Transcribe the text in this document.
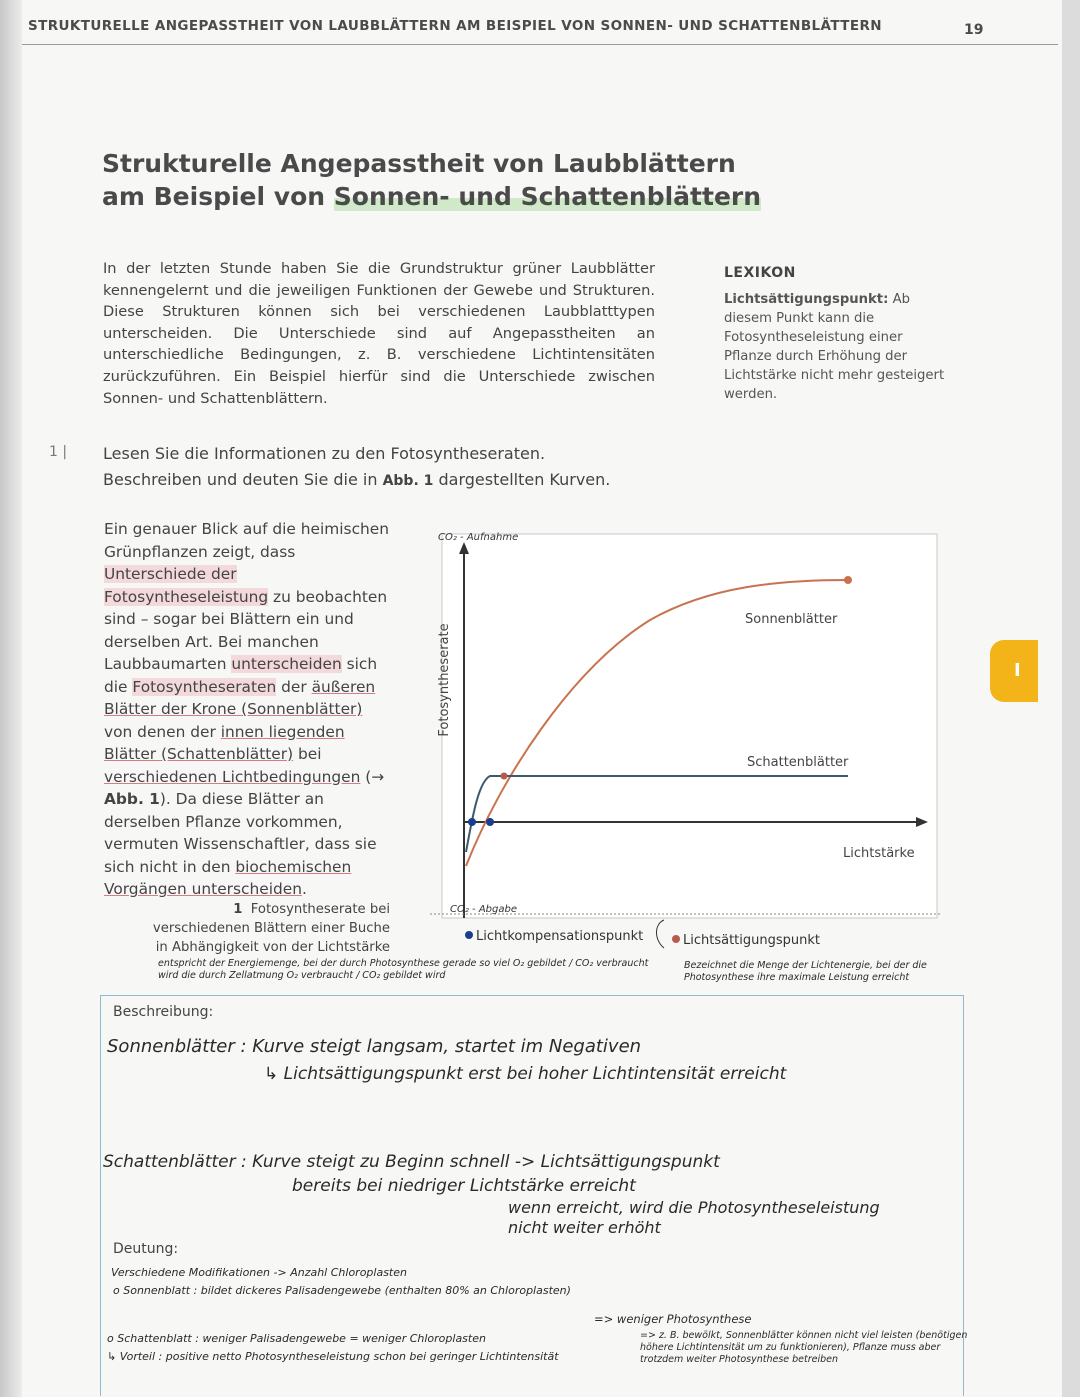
STRUKTURELLE ANGEPASSTHEIT VON LAUBBLÄTTERN AM BEISPIEL VON SONNEN- UND SCHATTENBLÄTTERN	19
I
Strukturelle Angepasstheit von Laubblättern
am Beispiel von Sonnen- und Schattenblättern
In der letzten Stunde haben Sie die Grundstruktur grüner Laubblätter kennengelernt und die jeweiligen Funktionen der Gewebe und Strukturen. Diese Strukturen können sich bei verschiedenen Laubblatttypen unterscheiden. Die Unterschiede sind auf Angepasstheiten an unterschiedliche Bedingungen, z. B. verschiedene Lichtintensitäten zurückzuführen. Ein Beispiel hierfür sind die Unterschiede zwischen Sonnen- und Schattenblättern.
LEXIKON
Lichtsättigungspunkt: Ab diesem Punkt kann die Fotosyntheseleistung einer Pflanze durch Erhöhung der Lichtstärke nicht mehr gesteigert werden.
1 | Lesen Sie die Informationen zu den Fotosyntheseraten.
Beschreiben und deuten Sie die in Abb. 1 dargestellten Kurven.
Ein genauer Blick auf die heimischen Grünpflanzen zeigt, dass Unterschiede der Fotosyntheseleistung zu beobachten sind – sogar bei Blättern ein und derselben Art. Bei manchen Laubbaumarten unterscheiden sich die Fotosyntheseraten der äußeren Blätter der Krone (Sonnenblätter) von denen der innen liegenden Blätter (Schattenblätter) bei verschiedenen Lichtbedingungen (→ Abb. 1). Da diese Blätter an derselben Pflanze vorkommen, vermuten Wissenschaftler, dass sie sich nicht in den biochemischen Vorgängen unterscheiden.
Fotosyntheserate
CO₂ - Aufnahme
CO₂ - Abgabe
Sonnenblätter
Schattenblätter
Lichtstärke
Lichtkompensationspunkt	Lichtsättigungspunkt
1 Fotosyntheserate bei verschiedenen Blättern einer Buche in Abhängigkeit von der Lichtstärke
entspricht der Energiemenge, bei der durch Photosynthese gerade so viel O₂ gebildet / CO₂ verbraucht wird die durch Zellatmung O₂ verbraucht / CO₂ gebildet wird
Bezeichnet die Menge der Lichtenergie, bei der die Photosynthese ihre maximale Leistung erreicht
Beschreibung:
Sonnenblätter : Kurve steigt langsam, startet im Negativen
↳ Lichtsättigungspunkt erst bei hoher Lichtintensität erreicht
Schattenblätter : Kurve steigt zu Beginn schnell -> Lichtsättigungspunkt
bereits bei niedriger Lichtstärke erreicht
wenn erreicht, wird die Photosyntheseleistung
nicht weiter erhöht
Deutung:
Verschiedene Modifikationen -> Anzahl Chloroplasten
o Sonnenblatt : bildet dickeres Palisadengewebe (enthalten 80% an Chloroplasten)
=> weniger Photosynthese
o Schattenblatt : weniger Palisadengewebe = weniger Chloroplasten
↳ Vorteil : positive netto Photosyntheseleistung schon bei geringer Lichtintensität
=> z. B. bewölkt, Sonnenblätter können nicht viel leisten (benötigen höhere Lichtintensität um zu funktionieren), Pflanze muss aber trotzdem weiter Photosynthese betreiben
